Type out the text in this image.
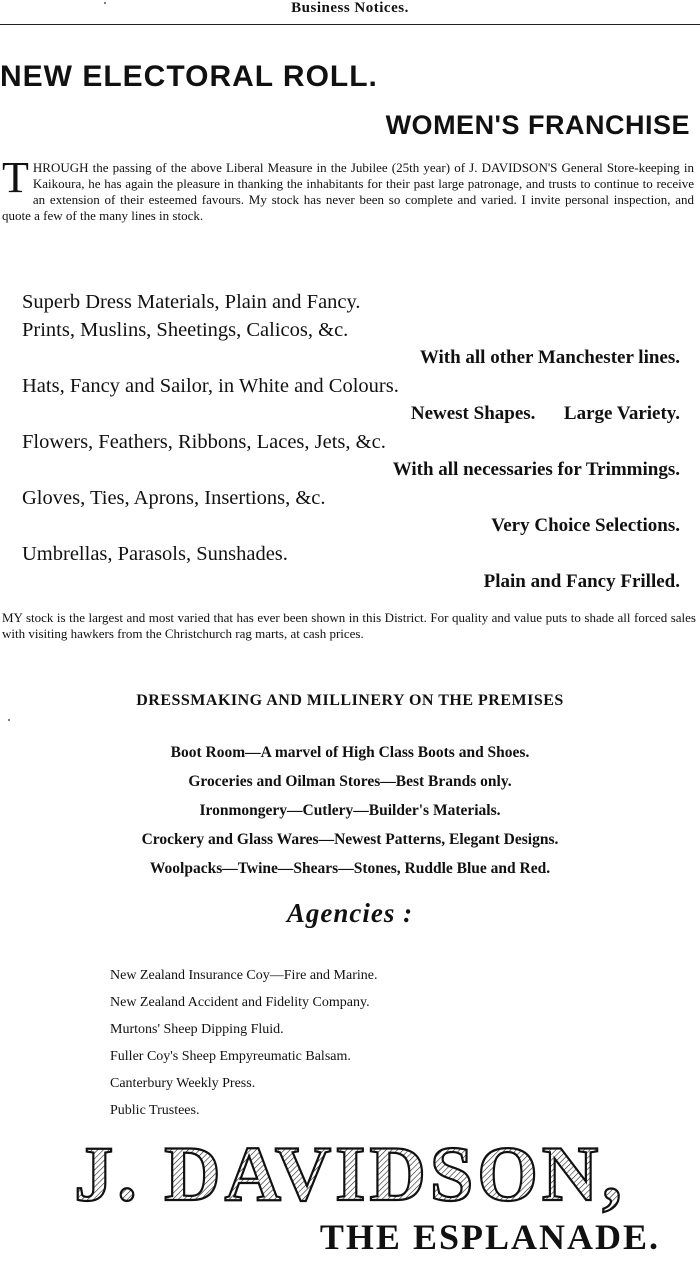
Business Notices.
NEW ELECTORAL ROLL.
WOMEN'S FRANCHISE
T HROUGH the passing of the above Liberal Measure in the Jubilee (25th year) of J. DAVIDSON'S General Store-keeping in Kaikoura, he has again the pleasure in thanking the inhabitants for their past large patronage, and trusts to continue to receive an extension of their esteemed favours. My stock has never been so complete and varied. I invite personal inspection, and quote a few of the many lines in stock.
Superb Dress Materials, Plain and Fancy.
Prints, Muslins, Sheetings, Calicos, &c.
With all other Manchester lines.
Hats, Fancy and Sailor, in White and Colours.
Newest Shapes.      Large Variety.
Flowers, Feathers, Ribbons, Laces, Jets, &c.
With all necessaries for Trimmings.
Gloves, Ties, Aprons, Insertions, &c.
Very Choice Selections.
Umbrellas, Parasols, Sunshades.
Plain and Fancy Frilled.
MY stock is the largest and most varied that has ever been shown in this District. For quality and value puts to shade all forced sales with visiting hawkers from the Christchurch rag marts, at cash prices.
DRESSMAKING AND MILLINERY ON THE PREMISES
Boot Room—A marvel of High Class Boots and Shoes.
Groceries and Oilman Stores—Best Brands only.
Ironmongery—Cutlery—Builder's Materials.
Crockery and Glass Wares—Newest Patterns, Elegant Designs.
Woolpacks—Twine—Shears—Stones, Ruddle Blue and Red.
Agencies :
New Zealand Insurance Coy—Fire and Marine.
New Zealand Accident and Fidelity Company.
Murtons' Sheep Dipping Fluid.
Fuller Coy's Sheep Empyreumatic Balsam.
Canterbury Weekly Press.
Public Trustees.
J. DAVIDSON,
THE ESPLANADE.
